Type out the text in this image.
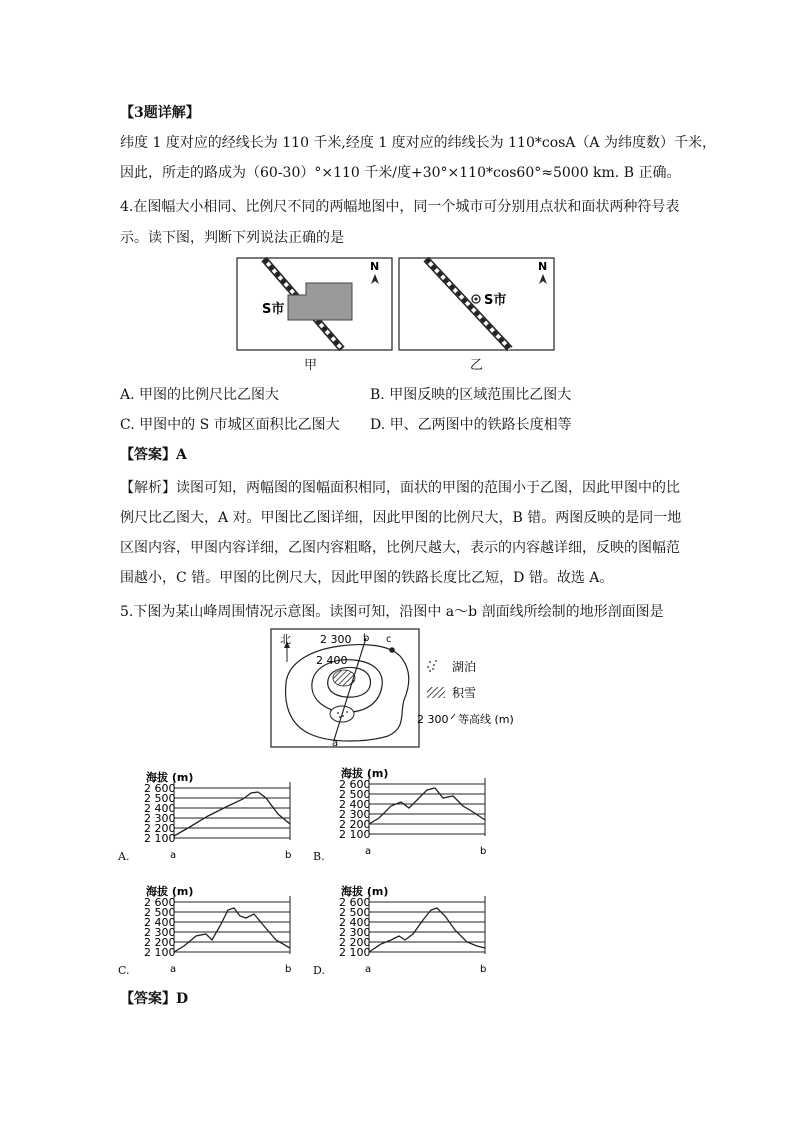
【3题详解】
纬度 1 度对应的经线长为 110 千米,经度 1 度对应的纬线长为 110*cosA（A 为纬度数）千米，
因此，所走的路成为（60-30）°×110 千米/度+30°×110*cos60°≈5000 km. B 正确。
4.在图幅大小相同、比例尺不同的两幅地图中，同一个城市可分别用点状和面状两种符号表
示。读下图，判断下列说法正确的是
S市
N
甲
S市
N
乙
A. 甲图的比例尺比乙图大	B. 甲图反映的区域范围比乙图大
C. 甲图中的 S 市城区面积比乙图大 D. 甲、乙两图中的铁路长度相等
【答案】A
【解析】读图可知，两幅图的图幅面积相同，面状的甲图的范围小于乙图，因此甲图中的比
例尺比乙图大，A 对。甲图比乙图详细，因此甲图的比例尺大，B 错。两图反映的是同一地
区图内容，甲图内容详细，乙图内容粗略，比例尺越大，表示的内容越详细，反映的图幅范
围越小，C 错。甲图的比例尺大，因此甲图的铁路长度比乙短，D 错。故选 A。
5.下图为某山峰周围情况示意图。读图可知，沿图中 a～b 剖面线所绘制的地形剖面图是
北	2 300
2 400
a
b c
湖泊
积雪
2 300 等高线 (m)
海拔 (m)
2 600
2 500
2 400
2 300
2 200
2 100
a	b
A.
海拔 (m)
2 600
2 500
2 400
2 300
2 200
2 100
a	b
B.
海拔 (m)
2 600
2 500
2 400
2 300
2 200
2 100
a	b
C.
海拔 (m)
2 600
2 500
2 400
2 300
2 200
2 100
a	b
D.
【答案】D
